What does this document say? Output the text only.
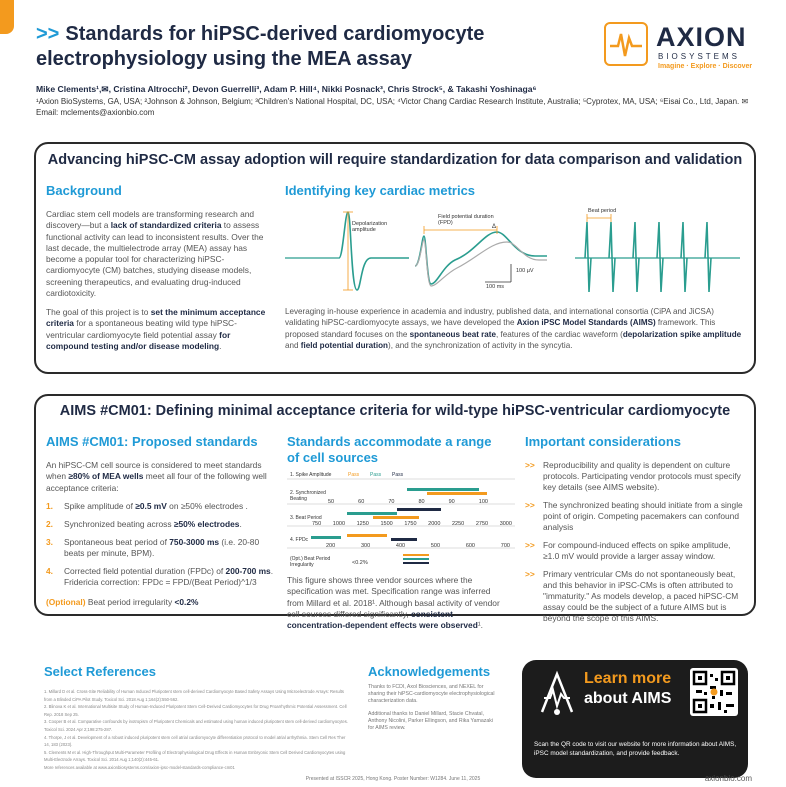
>> Standards for hiPSC-derived cardiomyocyte electrophysiology using the MEA assay
AXION
BIOSYSTEMS
Imagine · Explore · Discover
Mike Clements¹,✉, Cristina Altrocchi², Devon Guerrelli³, Adam P. Hill⁴, Nikki Posnack³, Chris Strock⁵, & Takashi Yoshinaga⁶
¹Axion BioSystems, GA, USA; ²Johnson & Johnson, Belgium; ³Children's National Hospital, DC, USA; ⁴Victor Chang Cardiac Research Institute, Australia; ⁵Cyprotex, MA, USA; ⁶Eisai Co., Ltd, Japan. ✉ Email: mclements@axionbio.com
Advancing hiPSC-CM assay adoption will require standardization for data comparison and validation
Background
Cardiac stem cell models are transforming research and discovery—but a lack of standardized criteria to assess functional activity can lead to inconsistent results. Over the last decade, the multielectrode array (MEA) assay has become a popular tool for characterizing hiPSC-cardiomyocyte (CM) batches, studying disease models, screening therapeutics, and evaluating drug-induced cardiotoxicity.
The goal of this project is to set the minimum acceptance criteria for a spontaneous beating wild type hiPSC-ventricular cardiomyocyte field potential assay for compound testing and/or disease modeling.
Identifying key cardiac metrics
Depolarization amplitude
Field potential duration (FPD)
Δ
100 µV
100 ms
Beat period
Leveraging in-house experience in academia and industry, published data, and international consortia (CiPA and JiCSA) validating hiPSC-cardiomyocyte assays, we have developed the Axion iPSC Model Standards (AIMS) framework. This proposed standard focuses on the spontaneous beat rate, features of the cardiac waveform (depolarization spike amplitude and field potential duration), and the synchronization of activity in the syncytia.
AIMS #CM01: Defining minimal acceptance criteria for wild-type hiPSC-ventricular cardiomyocyte
AIMS #CM01: Proposed standards
An hiPSC-CM cell source is considered to meet standards when ≥80% of MEA wells meet all four of the following well acceptance criteria:
1. Spike amplitude of ≥0.5 mV on ≥50% electrodes .
2. Synchronized beating across ≥50% electrodes.
3. Spontaneous beat period of 750-3000 ms (i.e. 20-80 beats per minute, BPM).
4. Corrected field potential duration (FPDc) of 200-700 ms. Fridericia correction: FPDc = FPD/(Beat Period)^1/3
(Optional) Beat period irregularity <0.2%
Standards accommodate a range of cell sources
1. Spike Amplitude	Pass Pass Pass
2. Synchronized Beating	50	60	70	80	90	100
3. Beat Period
750 1000 1250 1500 1750 2000 2250 2750 3000
4. FPDc
200	300	400	500	600	700
(Opt.) Beat Period Irregularity	<0.2%
This figure shows three vendor sources where the specification was met. Specification range was inferred from Millard et al. 2018¹. Although basal activity of vendor cell sources differed significantly, consistent concentration-dependent effects were observed¹.
Important considerations
>> Reproducibility and quality is dependent on culture protocols. Participating vendor protocols must specify key details (see AIMS website).
>> The synchronized beating should initiate from a single point of origin. Competing pacemakers can confound analysis
>> For compound-induced effects on spike amplitude, ≥1.0 mV would provide a larger assay window.
>> Primary ventricular CMs do not spontaneously beat, and this behavior in iPSC-CMs is often attributed to "immaturity." As models develop, a paced hiPSC-CM assay could be the subject of a future AIMS but is beyond the scope of this AIMS.
Select References
1. Millard D et al. Cross-Site Reliability of Human Induced Pluripotent stem cell-derived Cardiomyocyte Based Safety Assays Using Microelectrode Arrays: Results from a Blinded CiPA Pilot Study. Toxicol Sci. 2018 Aug 1;164(2):550-562.
2. Blinova K et al. International Multisite Study of Human-Induced Pluripotent Stem Cell-Derived Cardiomyocytes for Drug Proarrhythmic Potential Assessment. Cell Rep. 2018 Sep 25.
3. Cooper B et al. Comparative confounds by inotropism of Pluripotent Chemicals and estimated using human induced pluripotent stem cell-derived cardiomyocytes. Toxicol Sci. 2024 Apr 2;198:275-287.
4. Thorpe, J et al. Development of a robust induced pluripotent stem cell atrial cardiomyocyte differentiation protocol to model atrial arrhythmia. Stem Cell Res Ther 14, 183 (2023).
5. Clements M et al. High-Throughput Multi-Parameter Profiling of Electrophysiological Drug Effects in Human Embryonic Stem Cell Derived Cardiomyocytes using Multi-Electrode Arrays. Toxicol Sci. 2014 Aug 1;140(2):445-61.
More references available at www.axionbiosystems.com/axion-ipsc-model-standards-compliance-cm01
Acknowledgements
Thanks to FCDI, Axol Biosciences, and NEXEL for sharing their hiPSC-cardiomyocyte electrophysiological characterization data.
Additional thanks to Daniel Millard, Stacie Chvatal, Anthony Nicolini, Parker Ellingson, and Rika Yamazaki for AIMS review.
Learn more
about AIMS
Scan the QR code to visit our website for more information about AIMS, iPSC model standardization, and provide feedback.
Presented at ISSCR 2025, Hong Kong. Poster Number: W1284. June 11, 2025	axionbio.com
